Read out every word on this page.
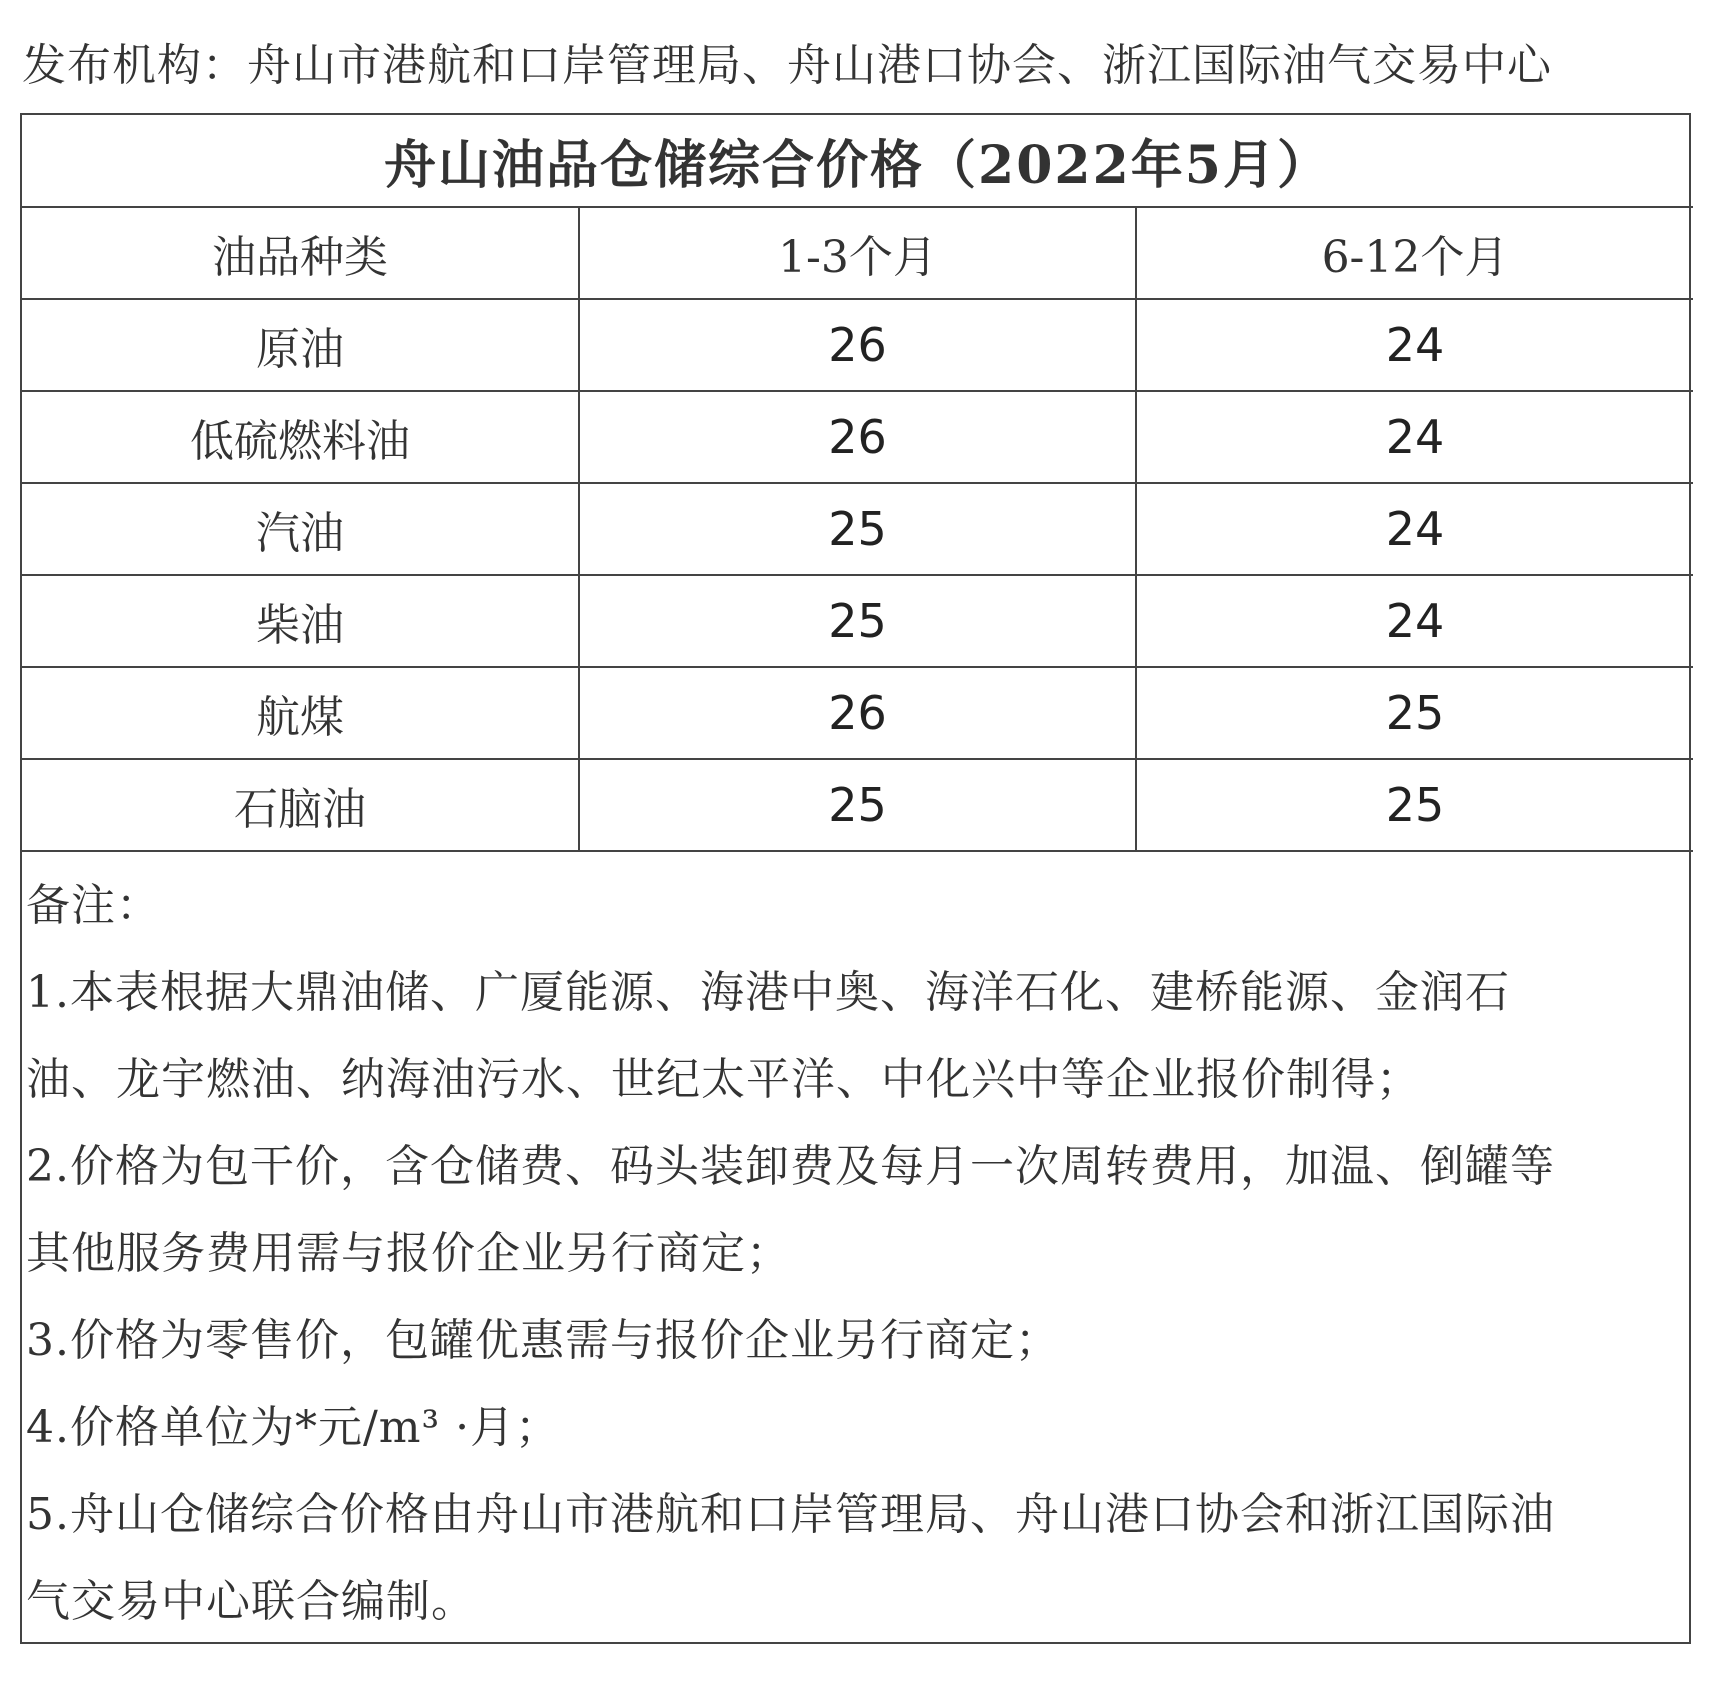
发布机构：舟山市港航和口岸管理局、舟山港口协会、浙江国际油气交易中心
舟山油品仓储综合价格（2022年5月）		
油品种类	1-3个月	6-12个月
原油	26	24
低硫燃料油	26	24
汽油	25	24
柴油	25	24
航煤	26	25
石脑油	25	25
备注：
1.本表根据大鼎油储、广厦能源、海港中奥、海洋石化、建桥能源、金润石
油、龙宇燃油、纳海油污水、世纪太平洋、中化兴中等企业报价制得；
2.价格为包干价，含仓储费、码头装卸费及每月一次周转费用，加温、倒罐等
其他服务费用需与报价企业另行商定；
3.价格为零售价，包罐优惠需与报价企业另行商定；
4.价格单位为*元/m³ ·月；
5.舟山仓储综合价格由舟山市港航和口岸管理局、舟山港口协会和浙江国际油
气交易中心联合编制。
